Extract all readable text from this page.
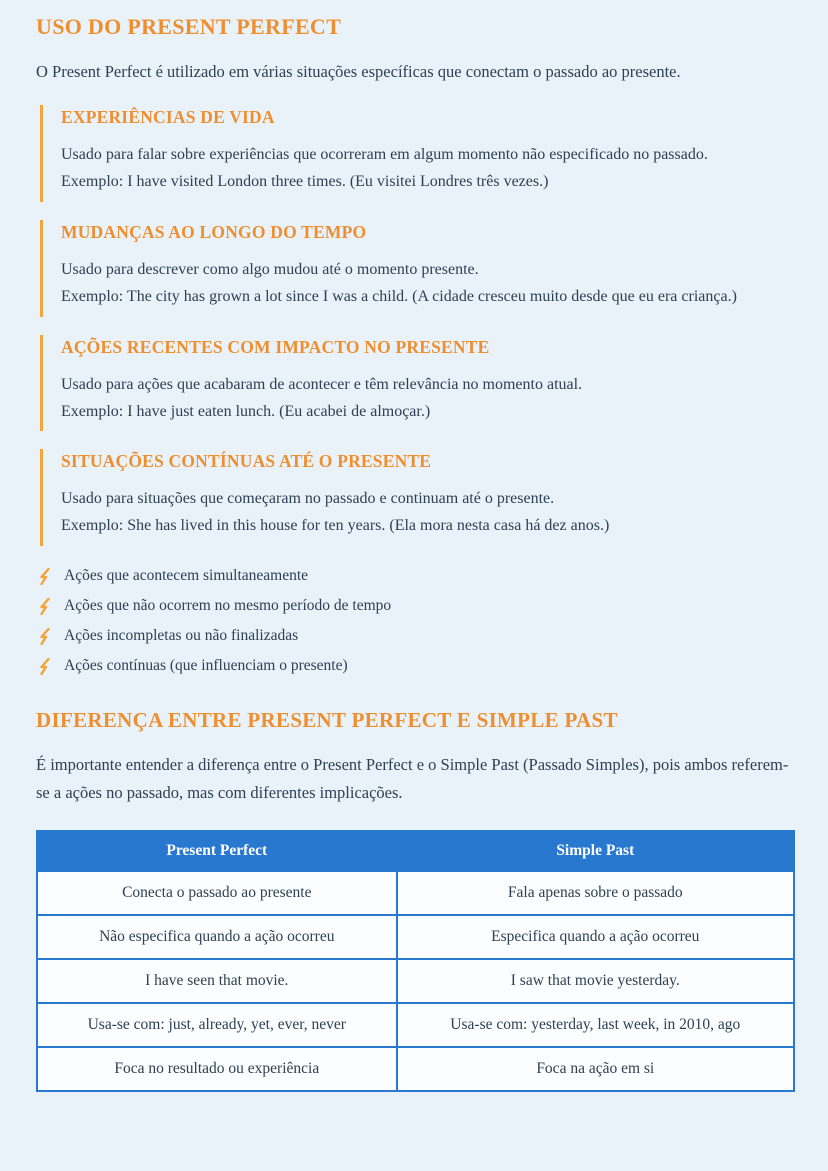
USO DO PRESENT PERFECT

O Present Perfect é utilizado em várias situações específicas que conectam o passado ao presente.

EXPERIÊNCIAS DE VIDA
Usado para falar sobre experiências que ocorreram em algum momento não especificado no passado.
Exemplo: I have visited London three times. (Eu visitei Londres três vezes.)
MUDANÇAS AO LONGO DO TEMPO
Usado para descrever como algo mudou até o momento presente.
Exemplo: The city has grown a lot since I was a child. (A cidade cresceu muito desde que eu era criança.)
AÇÕES RECENTES COM IMPACTO NO PRESENTE
Usado para ações que acabaram de acontecer e têm relevância no momento atual.
Exemplo: I have just eaten lunch. (Eu acabei de almoçar.)
SITUAÇÕES CONTÍNUAS ATÉ O PRESENTE
Usado para situações que começaram no passado e continuam até o presente.
Exemplo: She has lived in this house for ten years. (Ela mora nesta casa há dez anos.)
Ações que acontecem simultaneamente
Ações que não ocorrem no mesmo período de tempo
Ações incompletas ou não finalizadas
Ações contínuas (que influenciam o presente)
DIFERENÇA ENTRE PRESENT PERFECT E SIMPLE PAST

É importante entender a diferença entre o Present Perfect e o Simple Past (Passado Simples), pois ambos referem-se a ações no passado, mas com diferentes implicações.

Present Perfect	Simple Past
Conecta o passado ao presente	Fala apenas sobre o passado
Não especifica quando a ação ocorreu	Especifica quando a ação ocorreu
I have seen that movie.	I saw that movie yesterday.
Usa-se com: just, already, yet, ever, never	Usa-se com: yesterday, last week, in 2010, ago
Foca no resultado ou experiência	Foca na ação em si
